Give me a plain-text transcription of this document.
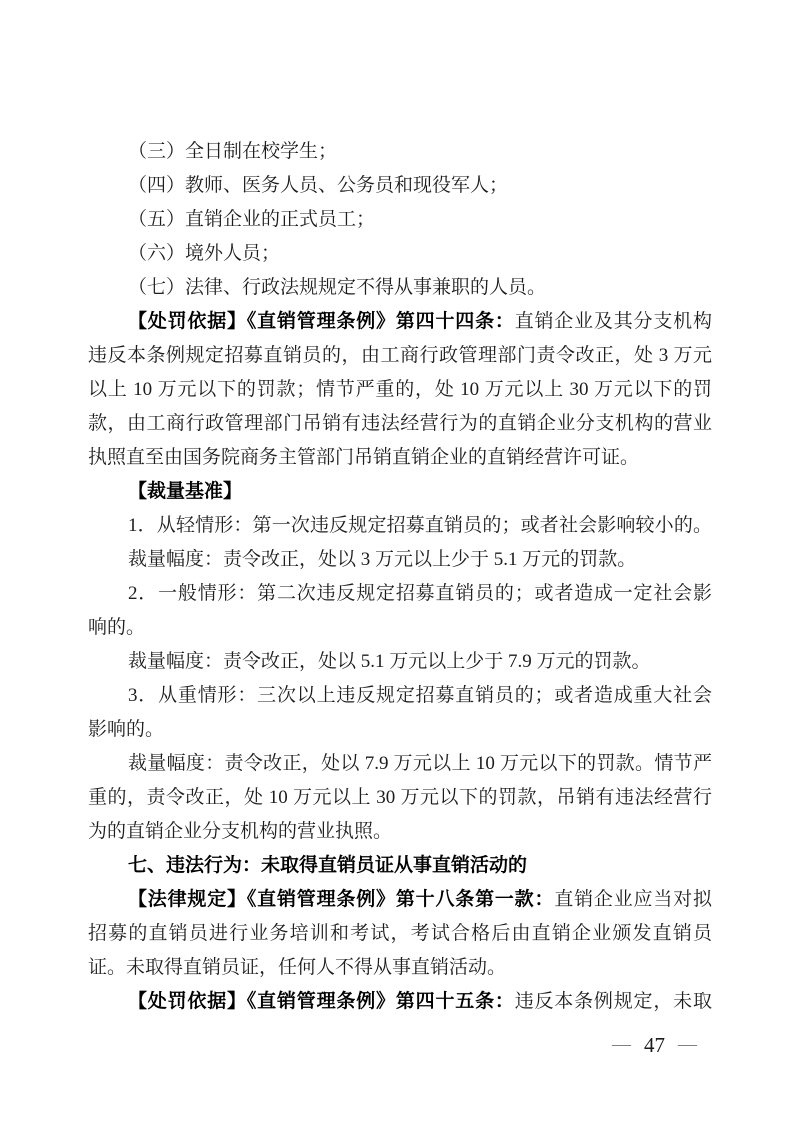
（三）全日制在校学生；
（四）教师、医务人员、公务员和现役军人；
（五）直销企业的正式员工；
（六）境外人员；
（七）法律、行政法规规定不得从事兼职的人员。
【处罚依据】《直销管理条例》第四十四条：直销企业及其分支机构
违反本条例规定招募直销员的，由工商行政管理部门责令改正，处 3 万元
以上 10 万元以下的罚款；情节严重的，处 10 万元以上 30 万元以下的罚
款，由工商行政管理部门吊销有违法经营行为的直销企业分支机构的营业
执照直至由国务院商务主管部门吊销直销企业的直销经营许可证。
【裁量基准】
1．从轻情形：第一次违反规定招募直销员的；或者社会影响较小的。
裁量幅度：责令改正，处以 3 万元以上少于 5.1 万元的罚款。
2．一般情形：第二次违反规定招募直销员的；或者造成一定社会影
响的。
裁量幅度：责令改正，处以 5.1 万元以上少于 7.9 万元的罚款。
3．从重情形：三次以上违反规定招募直销员的；或者造成重大社会
影响的。
裁量幅度：责令改正，处以 7.9 万元以上 10 万元以下的罚款。情节严
重的，责令改正，处 10 万元以上 30 万元以下的罚款，吊销有违法经营行
为的直销企业分支机构的营业执照。
七、违法行为：未取得直销员证从事直销活动的
【法律规定】《直销管理条例》第十八条第一款：直销企业应当对拟
招募的直销员进行业务培训和考试，考试合格后由直销企业颁发直销员
证。未取得直销员证，任何人不得从事直销活动。
【处罚依据】《直销管理条例》第四十五条：违反本条例规定，未取
— 47 —
